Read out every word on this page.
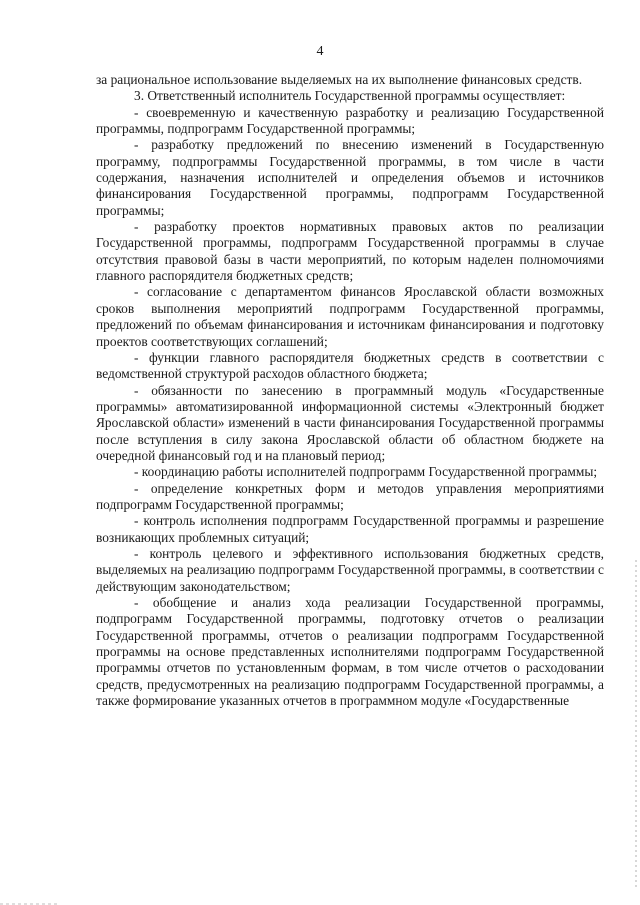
4

за рациональное использование выделяемых на их выполнение финансовых средств.

3. Ответственный исполнитель Государственной программы осуществляет:

- своевременную и качественную разработку и реализацию Государственной программы, подпрограмм Государственной программы;

- разработку предложений по внесению изменений в Государственную программу, подпрограммы Государственной программы, в том числе в части содержания, назначения исполнителей и определения объемов и источников финансирования Государственной программы, подпрограмм Государственной программы;

- разработку проектов нормативных правовых актов по реализации Государственной программы, подпрограмм Государственной программы в случае отсутствия правовой базы в части мероприятий, по которым наделен полномочиями главного распорядителя бюджетных средств;

- согласование с департаментом финансов Ярославской области возможных сроков выполнения мероприятий подпрограмм Государственной программы, предложений по объемам финансирования и источникам финансирования и подготовку проектов соответствующих соглашений;

- функции главного распорядителя бюджетных средств в соответствии с ведомственной структурой расходов областного бюджета;

- обязанности по занесению в программный модуль «Государственные программы» автоматизированной информационной системы «Электронный бюджет Ярославской области» изменений в части финансирования Государственной программы после вступления в силу закона Ярославской области об областном бюджете на очередной финансовый год и на плановый период;

- координацию работы исполнителей подпрограмм Государственной программы;

- определение конкретных форм и методов управления мероприятиями подпрограмм Государственной программы;

- контроль исполнения подпрограмм Государственной программы и разрешение возникающих проблемных ситуаций;

- контроль целевого и эффективного использования бюджетных средств, выделяемых на реализацию подпрограмм Государственной программы, в соответствии с действующим законодательством;

- обобщение и анализ хода реализации Государственной программы, подпрограмм Государственной программы, подготовку отчетов о реализации Государственной программы, отчетов о реализации подпрограмм Государственной программы на основе представленных исполнителями подпрограмм Государственной программы отчетов по установленным формам, в том числе отчетов о расходовании средств, предусмотренных на реализацию подпрограмм Государственной программы, а также формирование указанных отчетов в программном модуле «Государственные
